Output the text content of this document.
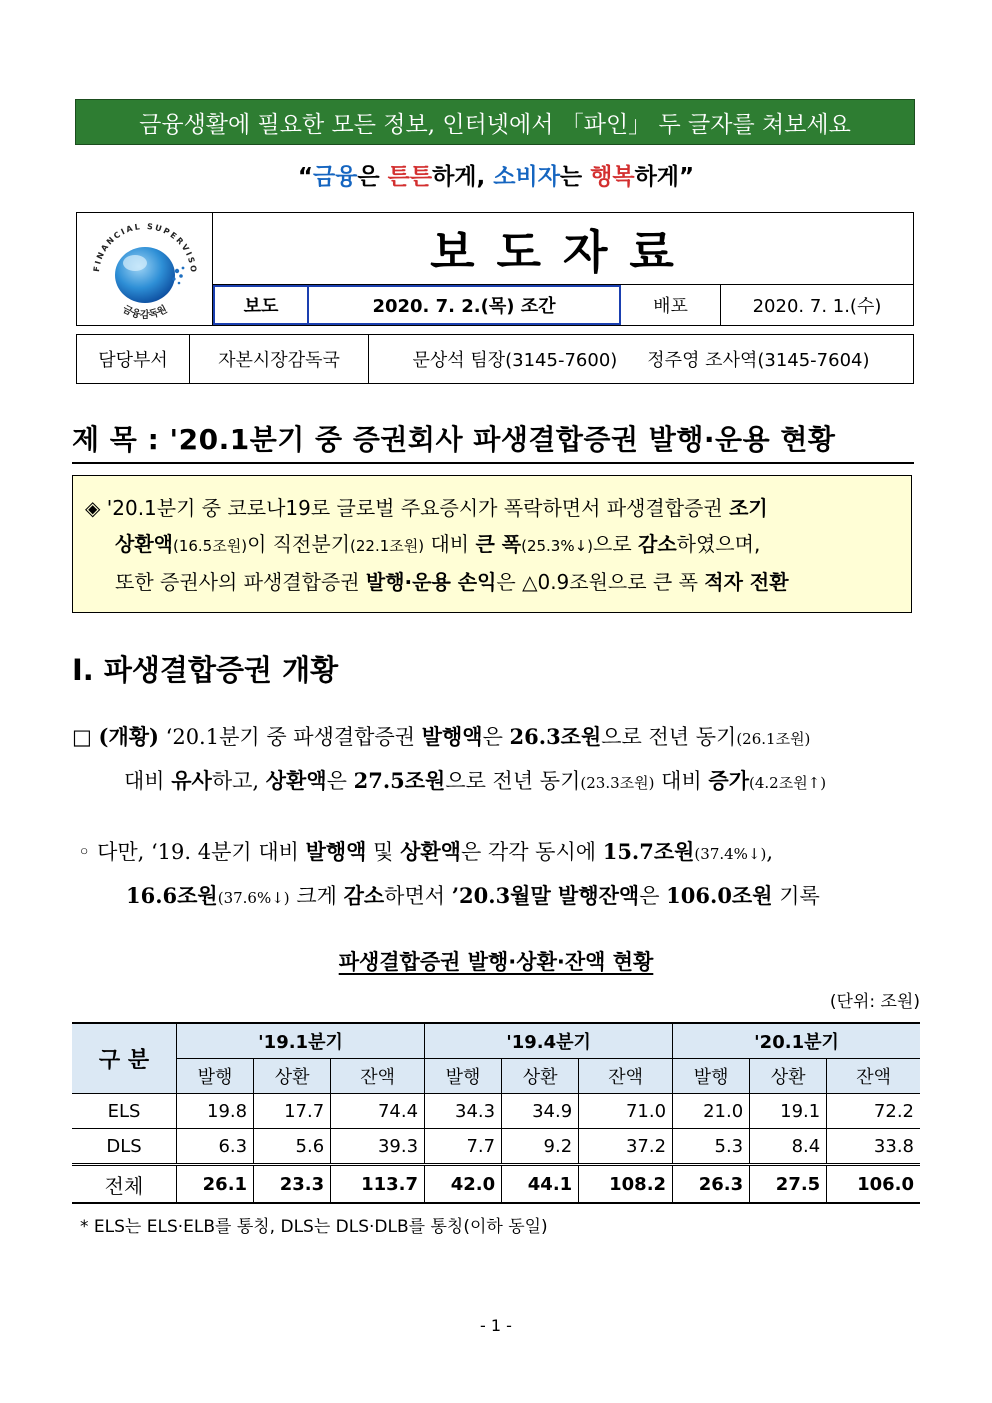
금융생활에 필요한 모든 정보, 인터넷에서 「파인」 두 글자를 쳐보세요
“금융은 튼튼하게, 소비자는 행복하게”
FINANCIAL SUPERVISO
금융감독원
보도자료
보도	2020. 7. 2.(목) 조간	배포	2020. 7. 1.(수)
담당부서	자본시장감독국	문상석 팀장(3145-7600) 정주영 조사역(3145-7604)
제 목 : '20.1분기 중 증권회사 파생결합증권 발행·운용 현황
◈ '20.1분기 중 코로나19로 글로벌 주요증시가 폭락하면서 파생결합증권 조기
상환액(16.5조원)이 직전분기(22.1조원) 대비 큰 폭(25.3%↓)으로 감소하였으며,
또한 증권사의 파생결합증권 발행·운용 손익은 △0.9조원으로 큰 폭 적자 전환
Ⅰ. 파생결합증권 개황
□ (개황) ‘20.1분기 중 파생결합증권 발행액은 26.3조원으로 전년 동기(26.1조원)
대비 유사하고, 상환액은 27.5조원으로 전년 동기(23.3조원) 대비 증가(4.2조원↑)
◦ 다만, ‘19. 4분기 대비 발행액 및 상환액은 각각 동시에 15.7조원(37.4%↓),
16.6조원(37.6%↓) 크게 감소하면서 ’20.3월말 발행잔액은 106.0조원 기록
파생결합증권 발행·상환·잔액 현황
(단위: 조원)
구 분	'19.1분기			'19.4분기			'20.1분기		
	발행	상환	잔액	발행	상환	잔액	발행	상환	잔액
ELS	19.8	17.7	74.4	34.3	34.9	71.0	21.0	19.1	72.2
DLS	6.3	5.6	39.3	7.7	9.2	37.2	5.3	8.4	33.8
전체	26.1	23.3	113.7	42.0	44.1	108.2	26.3	27.5	106.0
* ELS는 ELS·ELB를 통칭, DLS는 DLS·DLB를 통칭(이하 동일)
- 1 -
